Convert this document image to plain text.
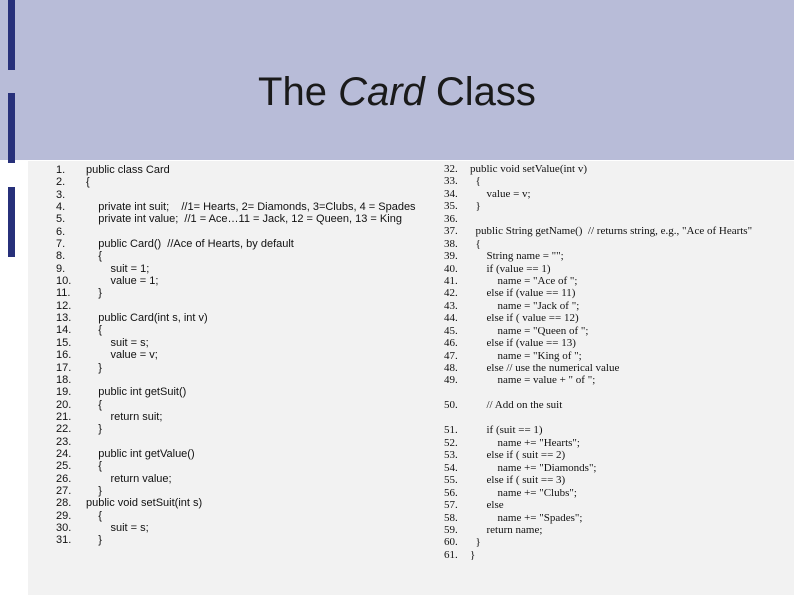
The Card Class
1.	public class Card
2.	{
3.
4.	private int suit;    //1= Hearts, 2= Diamonds, 3=Clubs, 4 = Spades
5.	private int value;  //1 = Ace…11 = Jack, 12 = Queen, 13 = King
6.
7.	public Card()  //Ace of Hearts, by default
8.	{
9.	suit = 1;
10.	value = 1;
11.	}
12.
13.	public Card(int s, int v)
14.	{
15.	suit = s;
16.	value = v;
17.	}
18.
19.	public int getSuit()
20.	{
21.	return suit;
22.	}
23.
24.	public int getValue()
25.	{
26.	return value;
27.	}
28.	public void setSuit(int s)
29.	{
30.	suit = s;
31.	}
32.	public void setValue(int v)
33.	{
34.	value = v;
35.	}
36.
37.	public String getName()  // returns string, e.g., "Ace of Hearts"
38.	{
39.	String name = "";
40.	if (value == 1)
41.	name = "Ace of ";
42.	else if (value == 11)
43.	name = "Jack of ";
44.	else if ( value == 12)
45.	name = "Queen of ";
46.	else if (value == 13)
47.	name = "King of ";
48.	else // use the numerical value
49.	name = value + " of ";
50.	// Add on the suit
51.	if (suit == 1)
52.	name += "Hearts";
53.	else if ( suit == 2)
54.	name += "Diamonds";
55.	else if ( suit == 3)
56.	name += "Clubs";
57.	else
58.	name += "Spades";
59.	return name;
60.	}
61.	}
